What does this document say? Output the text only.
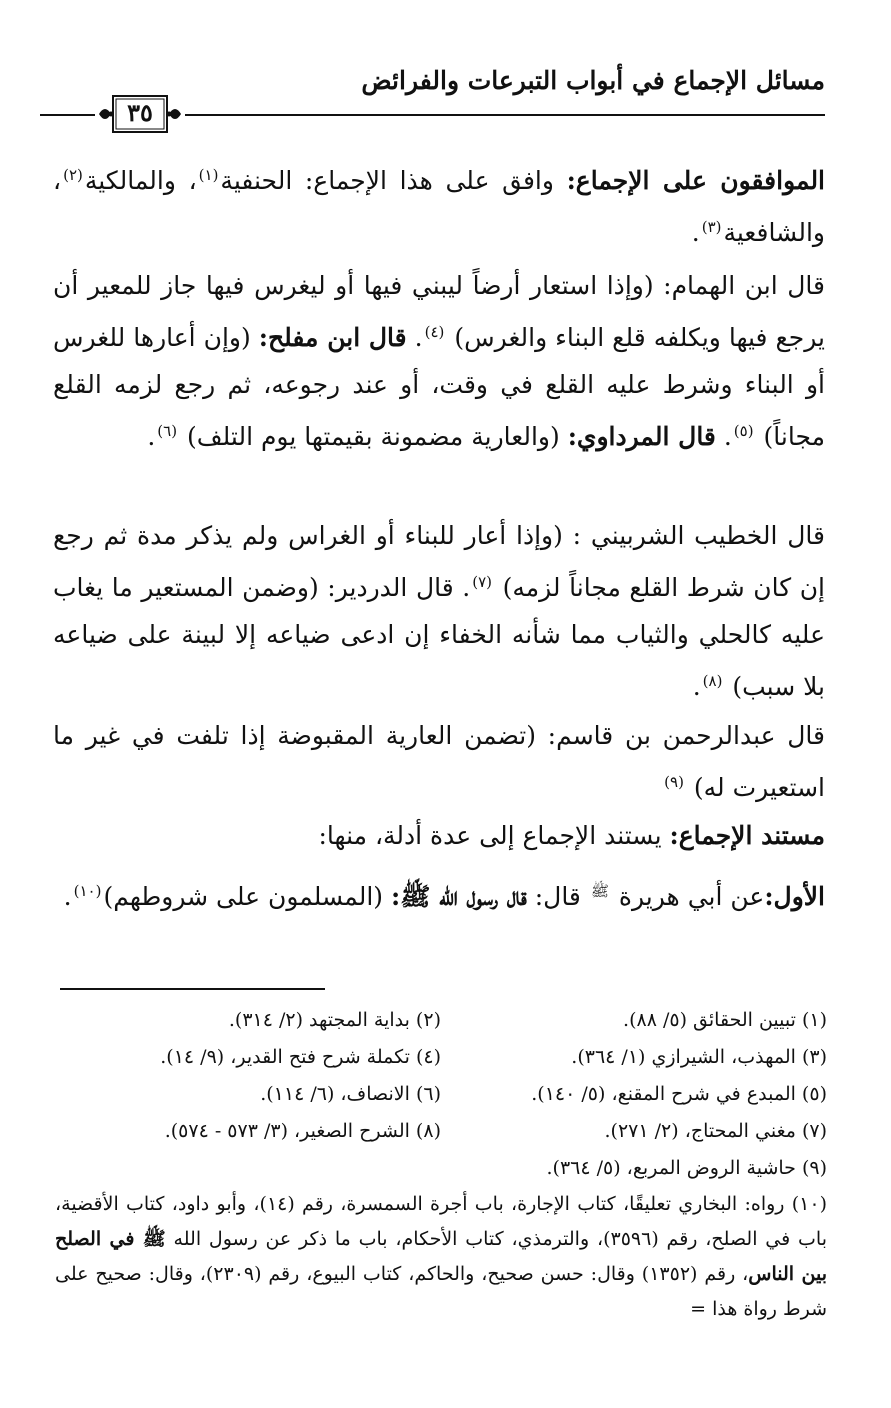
مسائل الإجماع في أبواب التبرعات والفرائض
٣٥
الموافقون على الإجماع: وافق على هذا الإجماع: الحنفية$^{(١)}$، والمالكية$^{(٢)}$، والشافعية$^{(٣)}$.
قال ابن الهمام: (وإذا استعار أرضاً ليبني فيها أو ليغرس فيها جاز للمعير أن يرجع فيها ويكلفه قلع البناء والغرس) $^{(٤)}$. قال ابن مفلح: (وإن أعارها للغرس أو البناء وشرط عليه القلع في وقت، أو عند رجوعه، ثم رجع لزمه القلع مجاناً) $^{(٥)}$. قال المرداوي: (والعارية مضمونة بقيمتها يوم التلف) $^{(٦)}$.
قال الخطيب الشربيني : (وإذا أعار للبناء أو الغراس ولم يذكر مدة ثم رجع إن كان شرط القلع مجاناً لزمه) $^{(٧)}$. قال الدردير: (وضمن المستعير ما يغاب عليه كالحلي والثياب مما شأنه الخفاء إن ادعى ضياعه إلا لبينة على ضياعه بلا سبب) $^{(٨)}$.
قال عبدالرحمن بن قاسم: (تضمن العارية المقبوضة إذا تلفت في غير ما استعيرت له) $^{(٩)}$
مستند الإجماع: يستند الإجماع إلى عدة أدلة، منها:
الأول:عن أبي هريرة $^ﷺ$ قال: قال رسول الله ﷺ: (المسلمون على شروطهم)$^{(١٠)}$.
(١) تبيين الحقائق (٥/ ٨٨).
(٢) بداية المجتهد (٢/ ٣١٤).
(٣) المهذب، الشيرازي (١/ ٣٦٤).
(٤) تكملة شرح فتح القدير، (٩/ ١٤).
(٥) المبدع في شرح المقنع، (٥/ ١٤٠).
(٦) الانصاف، (٦/ ١١٤).
(٧) مغني المحتاج، (٢/ ٢٧١).
(٨) الشرح الصغير، (٣/ ٥٧٣ - ٥٧٤).
(٩) حاشية الروض المربع، (٥/ ٣٦٤).
(١٠) رواه: البخاري تعليقًا، كتاب الإجارة، باب أجرة السمسرة، رقم (١٤)، وأبو داود، كتاب الأقضية، باب في الصلح، رقم (٣٥٩٦)، والترمذي، كتاب الأحكام، باب ما ذكر عن رسول الله ﷺ في الصلح بين الناس، رقم (١٣٥٢) وقال: حسن صحيح، والحاكم، كتاب البيوع، رقم (٢٣٠٩)، وقال: صحيح على شرط رواة هذا =
